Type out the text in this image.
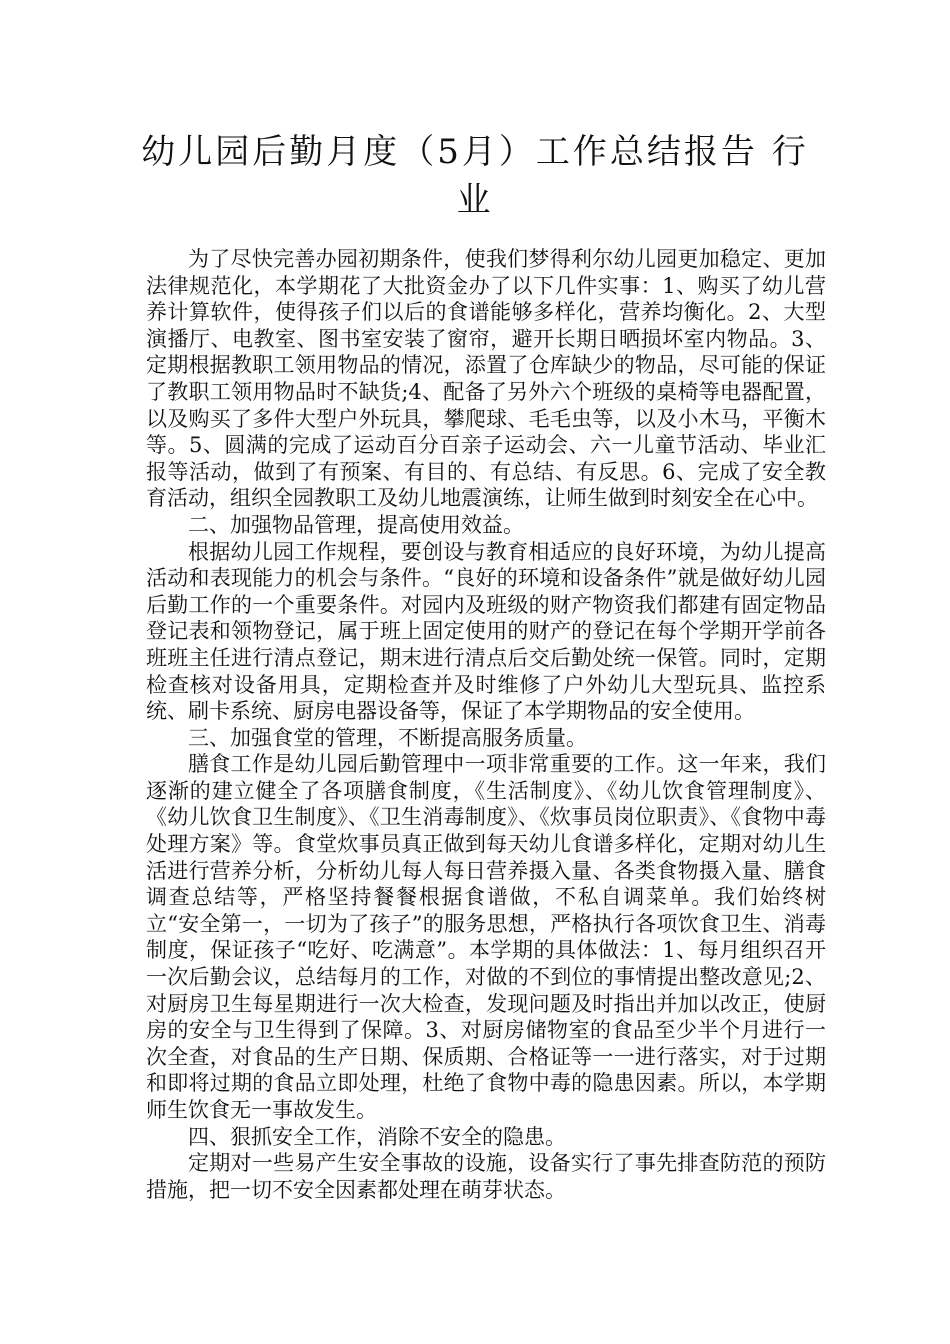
幼儿园后勤月度（5月）工作总结报告 行业

为了尽快完善办园初期条件，使我们梦得利尔幼儿园更加稳定、更加法律规范化，本学期花了大批资金办了以下几件实事：1、购买了幼儿营养计算软件，使得孩子们以后的食谱能够多样化，营养均衡化。2、大型演播厅、电教室、图书室安装了窗帘，避开长期日晒损坏室内物品。3、定期根据教职工领用物品的情况，添置了仓库缺少的物品，尽可能的保证了教职工领用物品时不缺货;4、配备了另外六个班级的桌椅等电器配置，以及购买了多件大型户外玩具，攀爬球、毛毛虫等，以及小木马，平衡木等。5、圆满的完成了运动百分百亲子运动会、六一儿童节活动、毕业汇报等活动，做到了有预案、有目的、有总结、有反思。6、完成了安全教育活动，组织全园教职工及幼儿地震演练，让师生做到时刻安全在心中。

二、加强物品管理，提高使用效益。

根据幼儿园工作规程，要创设与教育相适应的良好环境，为幼儿提高活动和表现能力的机会与条件。“良好的环境和设备条件”就是做好幼儿园后勤工作的一个重要条件。对园内及班级的财产物资我们都建有固定物品登记表和领物登记，属于班上固定使用的财产的登记在每个学期开学前各班班主任进行清点登记，期末进行清点后交后勤处统一保管。同时，定期检查核对设备用具，定期检查并及时维修了户外幼儿大型玩具、监控系统、刷卡系统、厨房电器设备等，保证了本学期物品的安全使用。

三、加强食堂的管理，不断提高服务质量。

膳食工作是幼儿园后勤管理中一项非常重要的工作。这一年来，我们逐渐的建立健全了各项膳食制度，《生活制度》、《幼儿饮食管理制度》、《幼儿饮食卫生制度》、《卫生消毒制度》、《炊事员岗位职责》、《食物中毒处理方案》等。食堂炊事员真正做到每天幼儿食谱多样化，定期对幼儿生活进行营养分析，分析幼儿每人每日营养摄入量、各类食物摄入量、膳食调查总结等，严格坚持餐餐根据食谱做，不私自调菜单。我们始终树立“安全第一，一切为了孩子”的服务思想，严格执行各项饮食卫生、消毒制度，保证孩子“吃好、吃满意”。本学期的具体做法：1、每月组织召开一次后勤会议，总结每月的工作，对做的不到位的事情提出整改意见;2、对厨房卫生每星期进行一次大检查，发现问题及时指出并加以改正，使厨房的安全与卫生得到了保障。3、对厨房储物室的食品至少半个月进行一次全查，对食品的生产日期、保质期、合格证等一一进行落实，对于过期和即将过期的食品立即处理，杜绝了食物中毒的隐患因素。所以，本学期师生饮食无一事故发生。

四、狠抓安全工作，消除不安全的隐患。

定期对一些易产生安全事故的设施，设备实行了事先排查防范的预防措施，把一切不安全因素都处理在萌芽状态。
